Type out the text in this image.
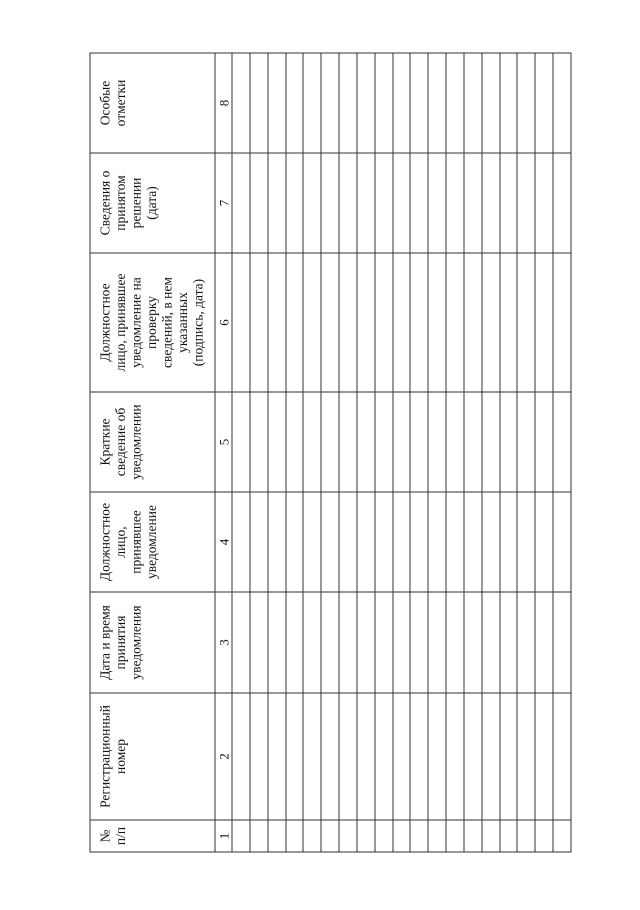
№ п/п	1
Регистрационный номер	2
Дата и время принятия уведомления	3
Должностное лицо, принявшее уведомление	4
Краткие сведение об уведомлении	5
Должностное лицо, принявшее уведомление на проверку сведений, в нем указанных (подпись, дата) 6
Сведения о принятом решении (дата)	7
Особые отметки	8
